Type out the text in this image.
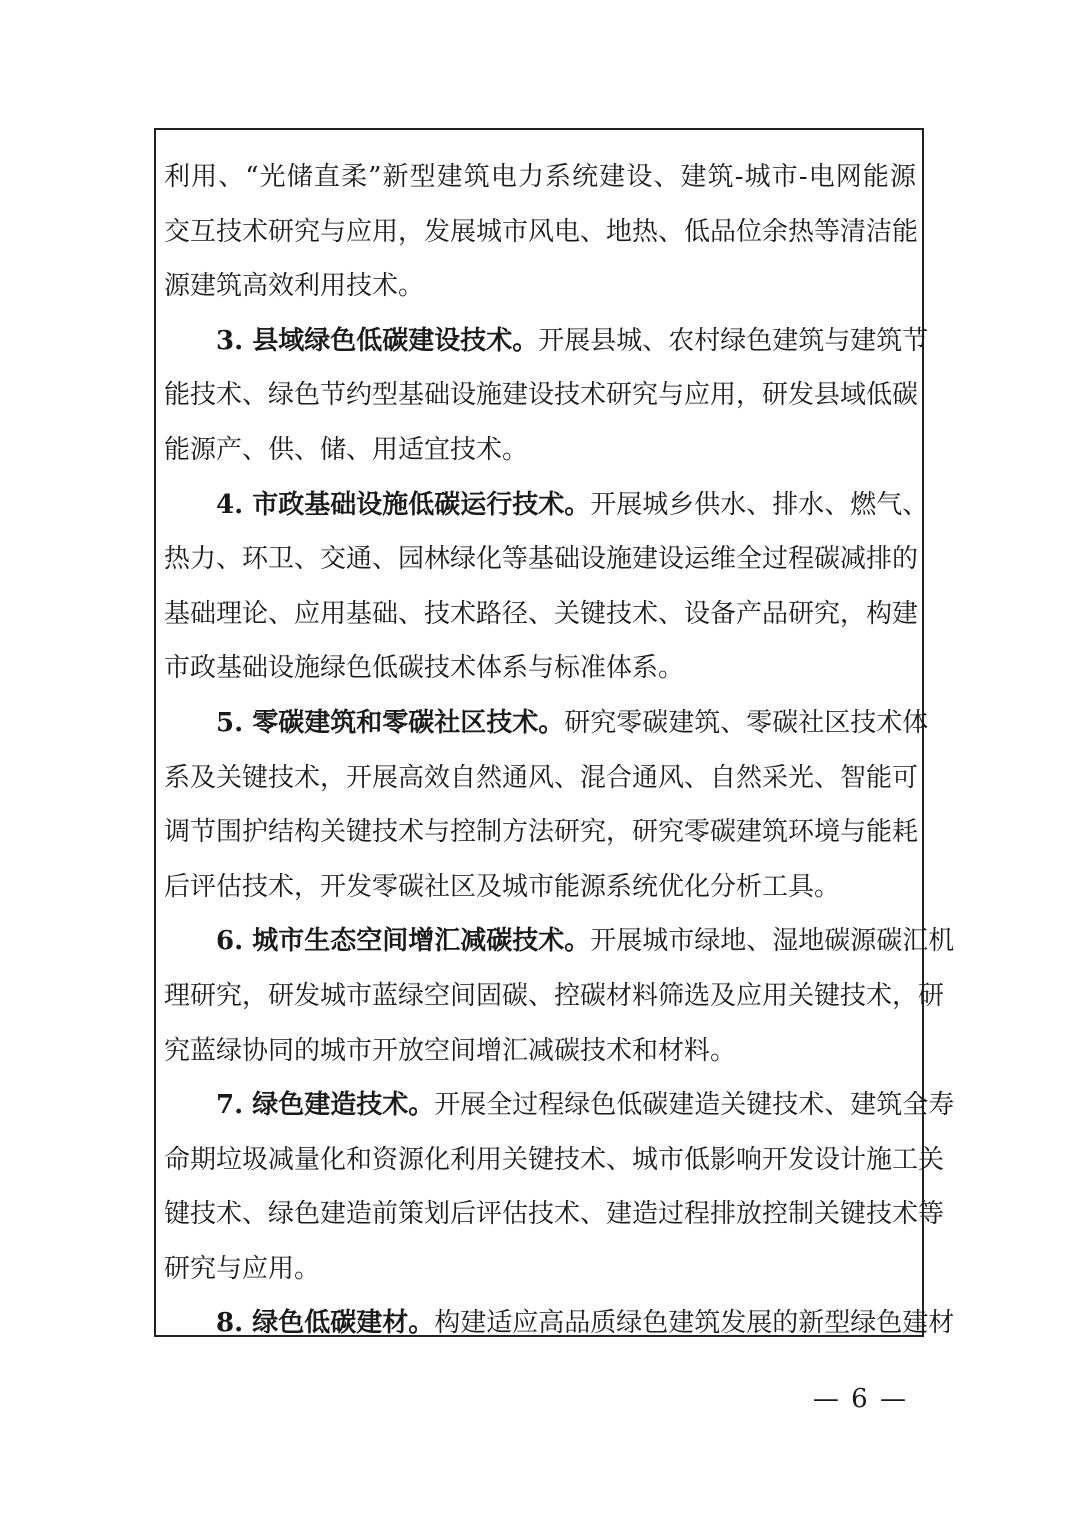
利用、“光储直柔”新型建筑电力系统建设、建筑-城市-电网能源
交互技术研究与应用，发展城市风电、地热、低品位余热等清洁能
源建筑高效利用技术。
3. 县域绿色低碳建设技术。开展县城、农村绿色建筑与建筑节
能技术、绿色节约型基础设施建设技术研究与应用，研发县域低碳
能源产、供、储、用适宜技术。
4. 市政基础设施低碳运行技术。开展城乡供水、排水、燃气、
热力、环卫、交通、园林绿化等基础设施建设运维全过程碳减排的
基础理论、应用基础、技术路径、关键技术、设备产品研究，构建
市政基础设施绿色低碳技术体系与标准体系。
5. 零碳建筑和零碳社区技术。研究零碳建筑、零碳社区技术体
系及关键技术，开展高效自然通风、混合通风、自然采光、智能可
调节围护结构关键技术与控制方法研究，研究零碳建筑环境与能耗
后评估技术，开发零碳社区及城市能源系统优化分析工具。
6. 城市生态空间增汇减碳技术。开展城市绿地、湿地碳源碳汇机
理研究，研发城市蓝绿空间固碳、控碳材料筛选及应用关键技术，研
究蓝绿协同的城市开放空间增汇减碳技术和材料。
7. 绿色建造技术。开展全过程绿色低碳建造关键技术、建筑全寿
命期垃圾减量化和资源化利用关键技术、城市低影响开发设计施工关
键技术、绿色建造前策划后评估技术、建造过程排放控制关键技术等
研究与应用。
8. 绿色低碳建材。构建适应高品质绿色建筑发展的新型绿色建材
— 6 —
